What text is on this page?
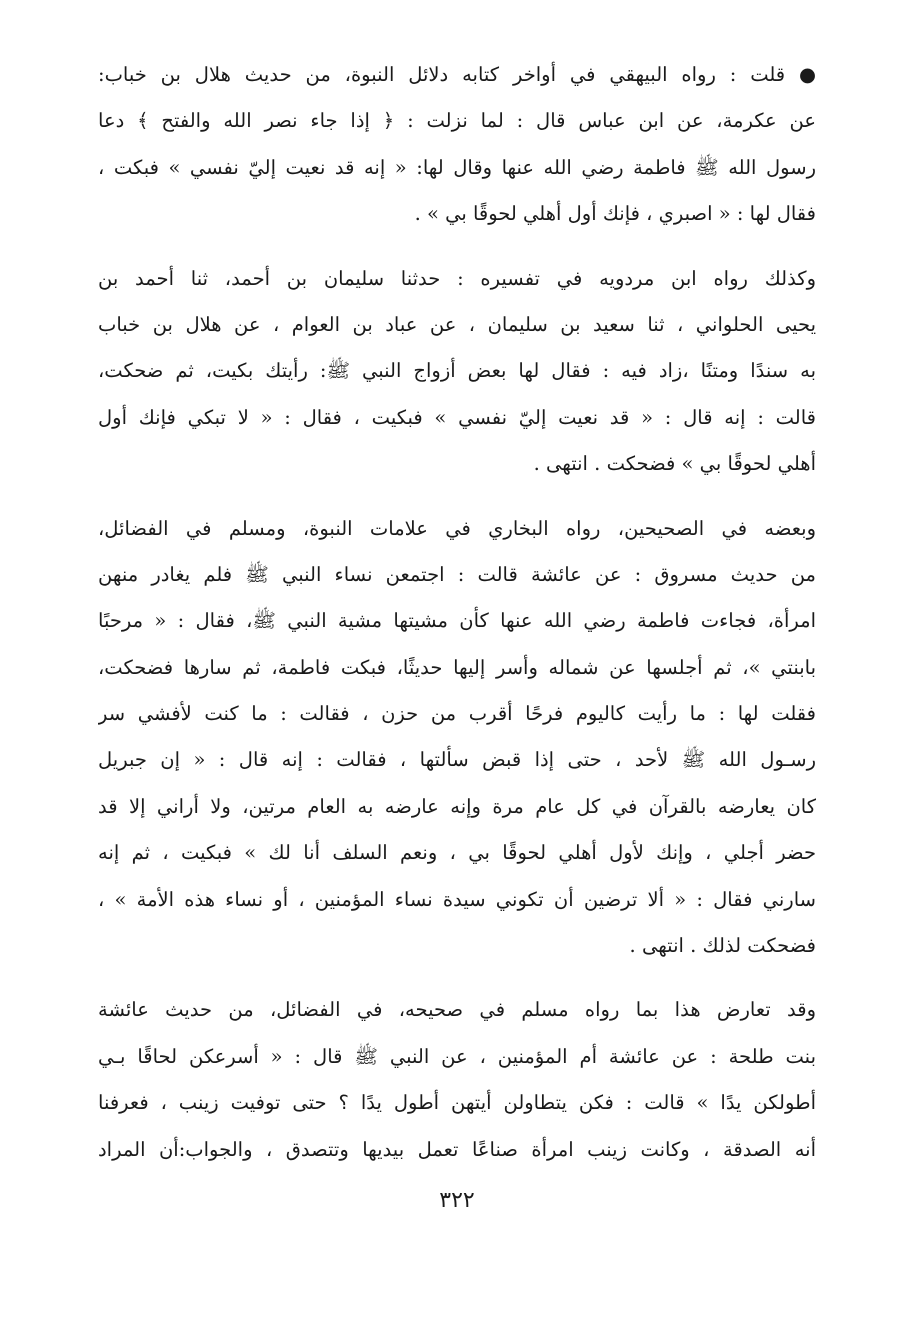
● قلت : رواه البيهقي في أواخر كتابه دلائل النبوة، من حديث هلال بن خباب:
عن عكرمة، عن ابن عباس قال : لما نزلت : ﴿ إذا جاء نصر الله والفتح ﴾ دعا
رسول الله ﷺ فاطمة رضي الله عنها وقال لها: « إنه قد نعيت إليّ نفسي » فبكت ،
فقال لها : « اصبري ، فإنك أول أهلي لحوقًا بي » .
وكذلك رواه ابن مردويه في تفسيره : حدثنا سليمان بن أحمد، ثنا أحمد بن
يحيى الحلواني ، ثنا سعيد بن سليمان ، عن عباد بن العوام ، عن هلال بن خباب
به سندًا ومتنًا ،زاد فيه : فقال لها بعض أزواج النبي ﷺ: رأيتك بكيت، ثم ضحكت،
قالت : إنه قال : « قد نعيت إليّ نفسي » فبكيت ، فقال : « لا تبكي فإنك أول
أهلي لحوقًا بي » فضحكت . انتهى .
وبعضه في الصحيحين، رواه البخاري في علامات النبوة، ومسلم في الفضائل،
من حديث مسروق : عن عائشة قالت : اجتمعن نساء النبي ﷺ فلم يغادر منهن
امرأة، فجاءت فاطمة رضي الله عنها كأن مشيتها مشية النبي ﷺ، فقال : « مرحبًا
بابنتي »، ثم أجلسها عن شماله وأسر إليها حديثًا، فبكت فاطمة، ثم سارها فضحكت،
فقلت لها : ما رأيت كاليوم فرحًا أقرب من حزن ، فقالت : ما كنت لأفشي سر
رسـول الله ﷺ لأحد ، حتى إذا قبض سألتها ، فقالت : إنه قال : « إن جبريل
كان يعارضه بالقرآن في كل عام مرة وإنه عارضه به العام مرتين، ولا أراني إلا قد
حضر أجلي ، وإنك لأول أهلي لحوقًا بي ، ونعم السلف أنا لك » فبكيت ، ثم إنه
سارني فقال : « ألا ترضين أن تكوني سيدة نساء المؤمنين ، أو نساء هذه الأمة » ،
فضحكت لذلك . انتهى .
وقد تعارض هذا بما رواه مسلم في صحيحه، في الفضائل، من حديث عائشة
بنت طلحة : عن عائشة أم المؤمنين ، عن النبي ﷺ قال : « أسرعكن لحاقًا بـي
أطولكن يدًا » قالت : فكن يتطاولن أيتهن أطول يدًا ؟ حتى توفيت زينب ، فعرفنا
أنه الصدقة ، وكانت زينب امرأة صناعًا تعمل بيديها وتتصدق ، والجواب:أن المراد
٣٢٢
